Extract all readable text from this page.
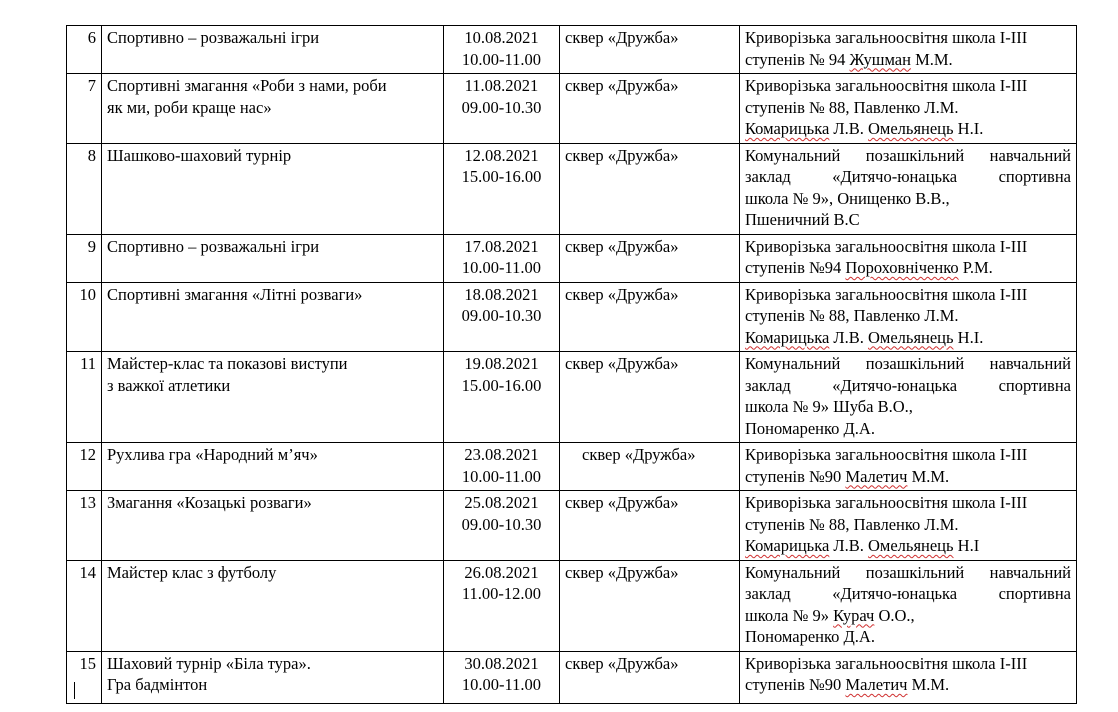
6	Спортивно – розважальні ігри	10.08.2021
10.00-11.00	сквер «Дружба»	Криворізька загальноосвітня школа І-ІІІ
ступенів № 94 Жушман М.М.

7	Спортивні змагання «Роби з нами, роби
як ми, роби краще нас»	11.08.2021
09.00-10.30	сквер «Дружба»	Криворізька загальноосвітня школа І-ІІІ
ступенів № 88, Павленко Л.М.
Комарицька Л.В. Омельянець Н.І.

8	Шашково-шаховий турнір	12.08.2021
15.00-16.00	сквер «Дружба»	Комунальний позашкільний навчальний
заклад «Дитячо-юнацька спортивна
школа № 9», Онищенко В.В.,
Пшеничний В.С

9	Спортивно – розважальні ігри	17.08.2021
10.00-11.00	сквер «Дружба»	Криворізька загальноосвітня школа І-ІІІ
ступенів №94 Пороховніченко Р.М.

10	Спортивні змагання «Літні розваги»	18.08.2021
09.00-10.30	сквер «Дружба»	Криворізька загальноосвітня школа І-ІІІ
ступенів № 88, Павленко Л.М.
Комарицька Л.В. Омельянець Н.І.

11	Майстер-клас та показові виступи
з важкої атлетики	19.08.2021
15.00-16.00	сквер «Дружба»	Комунальний позашкільний навчальний
заклад «Дитячо-юнацька спортивна
школа № 9» Шуба В.О.,
Пономаренко Д.А.

12	Рухлива гра «Народний м’яч»	23.08.2021
10.00-11.00	сквер «Дружба»	Криворізька загальноосвітня школа І-ІІІ
ступенів №90 Малетич М.М.

13	Змагання «Козацькі розваги»	25.08.2021
09.00-10.30	сквер «Дружба»	Криворізька загальноосвітня школа І-ІІІ
ступенів № 88, Павленко Л.М.
Комарицька Л.В. Омельянець Н.І

14	Майстер клас з футболу	26.08.2021
11.00-12.00	сквер «Дружба»	Комунальний позашкільний навчальний
заклад «Дитячо-юнацька спортивна
школа № 9» Курач О.О.,
Пономаренко Д.А.

15	Шаховий турнір «Біла тура».
Гра бадмінтон	30.08.2021
10.00-11.00	сквер «Дружба»	Криворізька загальноосвітня школа І-ІІІ
ступенів №90 Малетич М.М.
